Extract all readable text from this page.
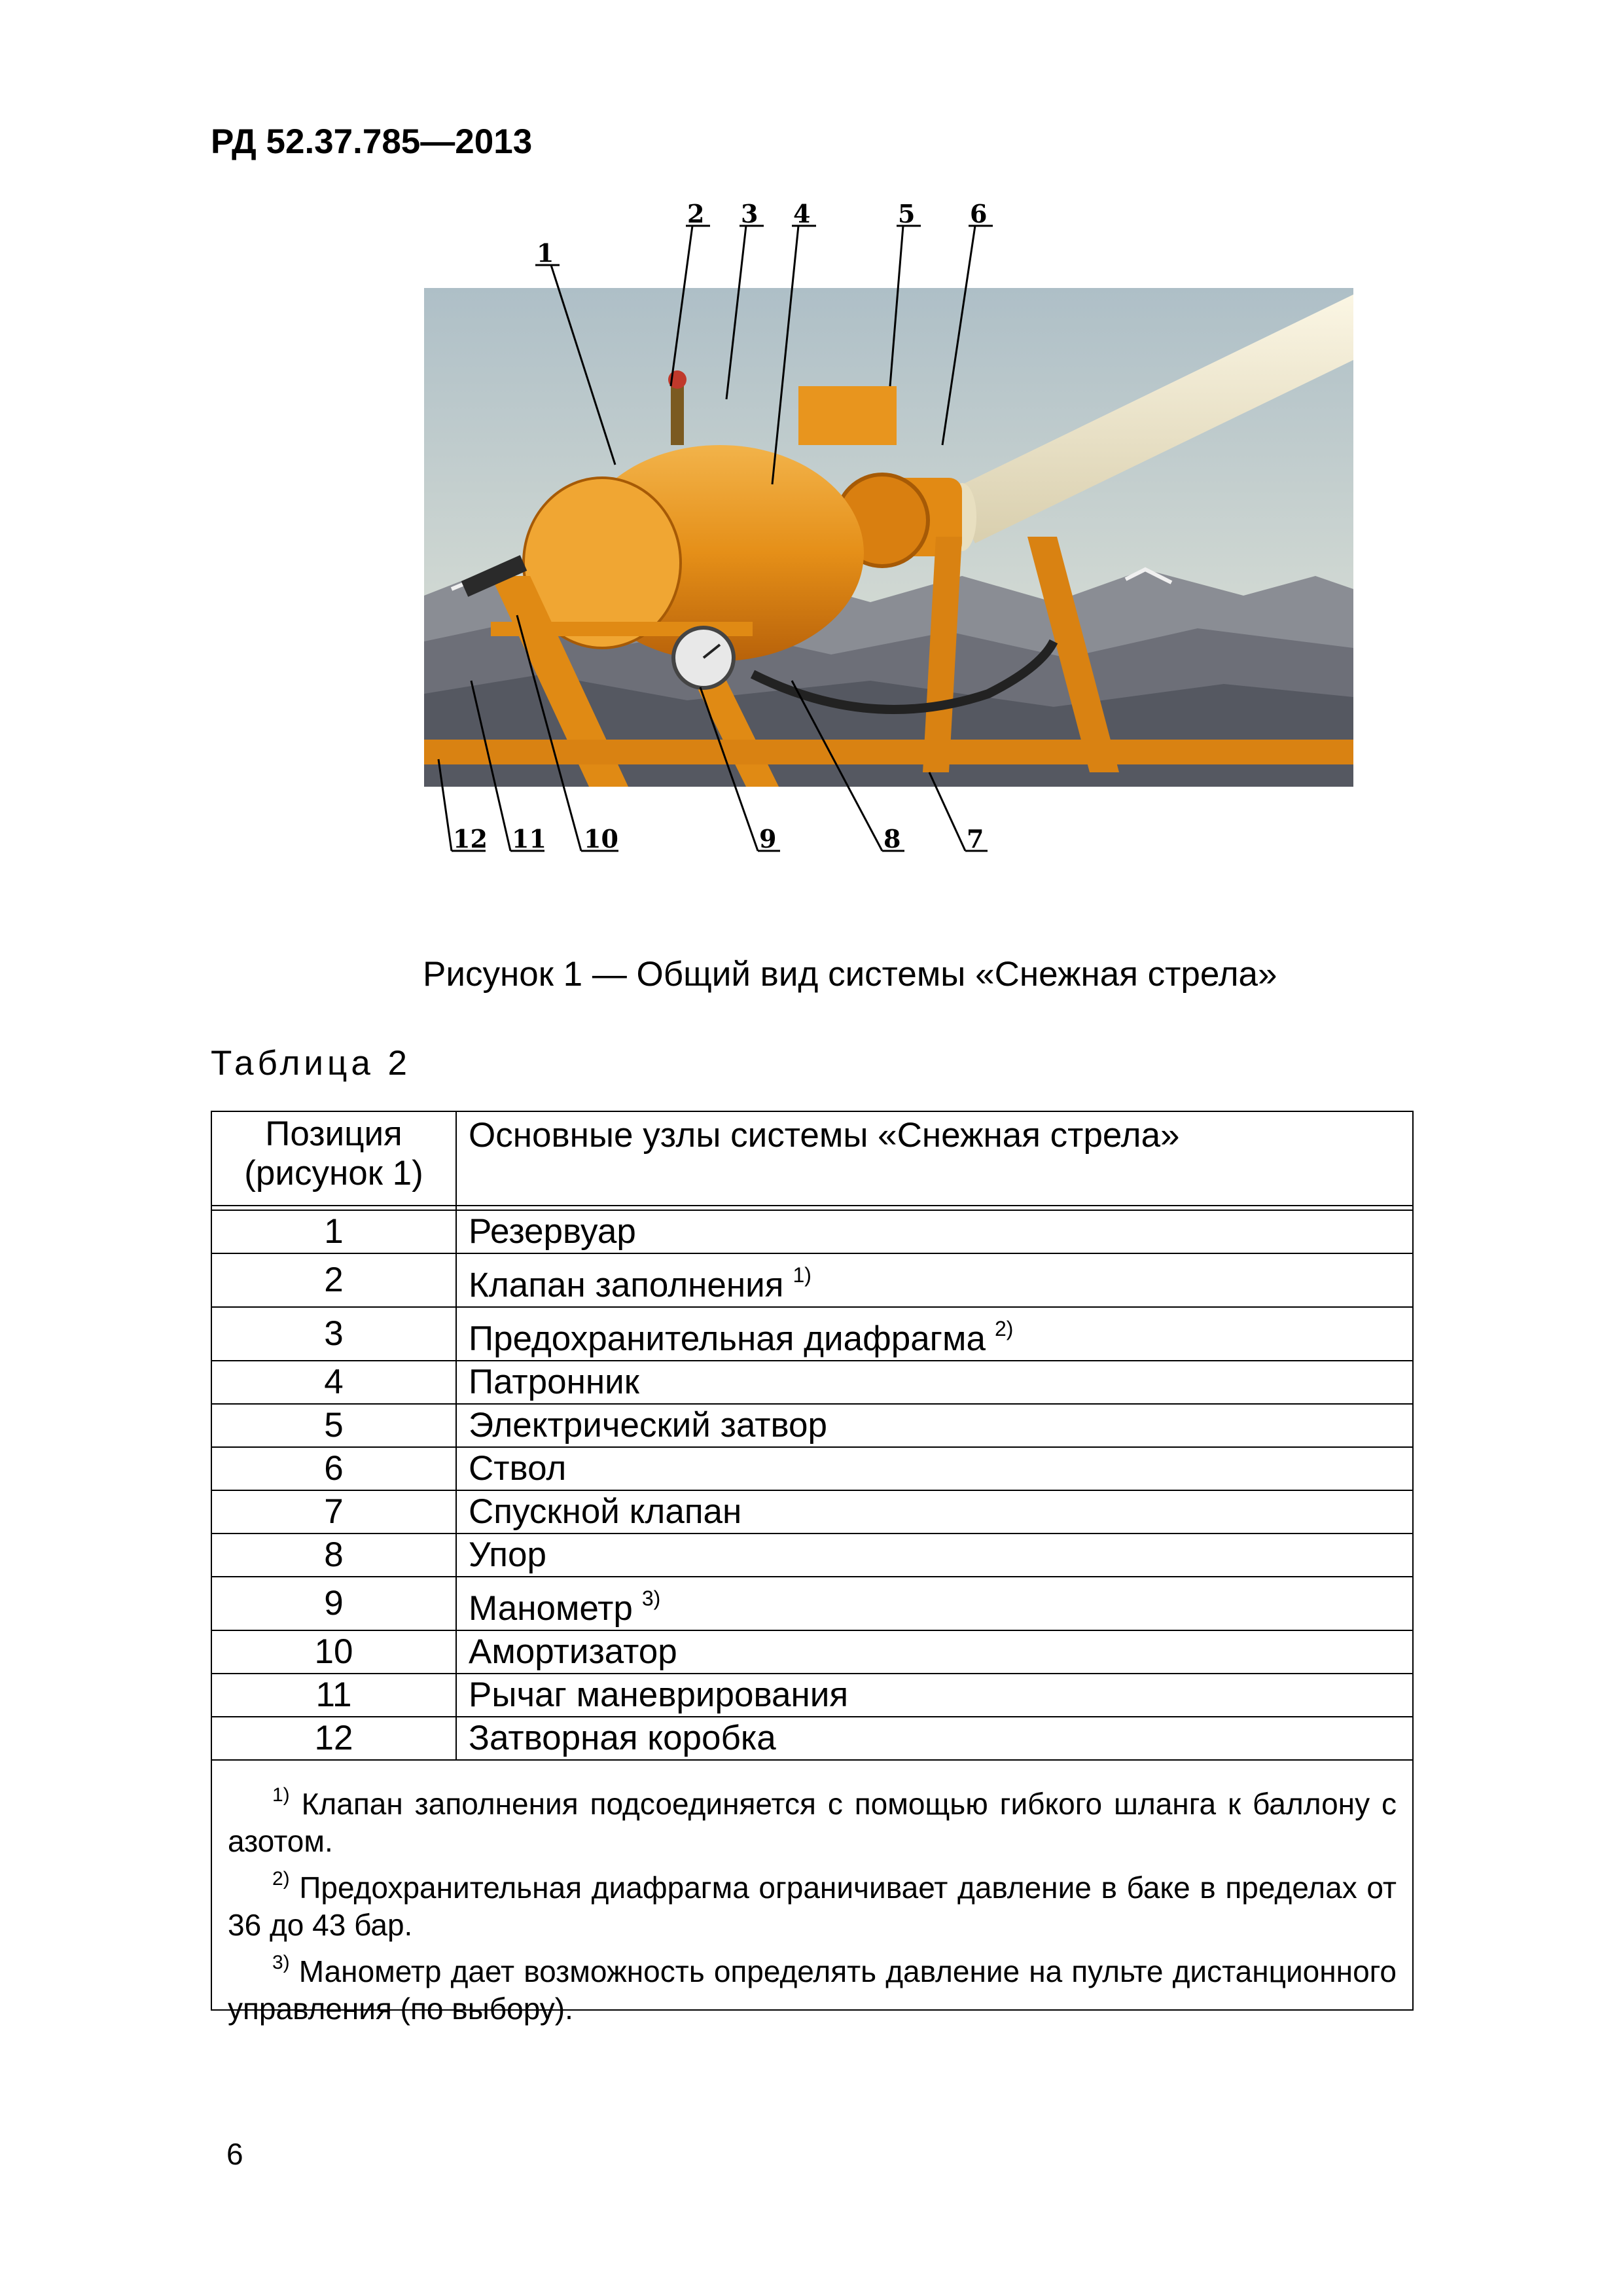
РД 52.37.785—2013
1
2 3 4	5 6
12 11 10	9	8	7
Рисунок 1 — Общий вид системы «Снежная стрела»
Таблица 2
Позиция
(рисунок 1)	Основные узлы системы «Снежная стрела»

1	Резервуар
2	Клапан заполнения $^{1)}$
3	Предохранительная диафрагма $^{2)}$
4	Патронник
5	Электрический затвор
6	Ствол
7	Спускной клапан
8	Упор
9	Манометр $^{3)}$
10	Амортизатор
11	Рычаг маневрирования
12	Затворная коробка

$^{1)}$ Клапан заполнения подсоединяется с помощью гибкого шланга к баллону с азотом.

$^{2)}$ Предохранительная диафрагма ограничивает давление в баке в пределах от 36 до 43 бар.

$^{3)}$ Манометр дает возможность определять давление на пульте дистанционного управления (по выбору).

6
